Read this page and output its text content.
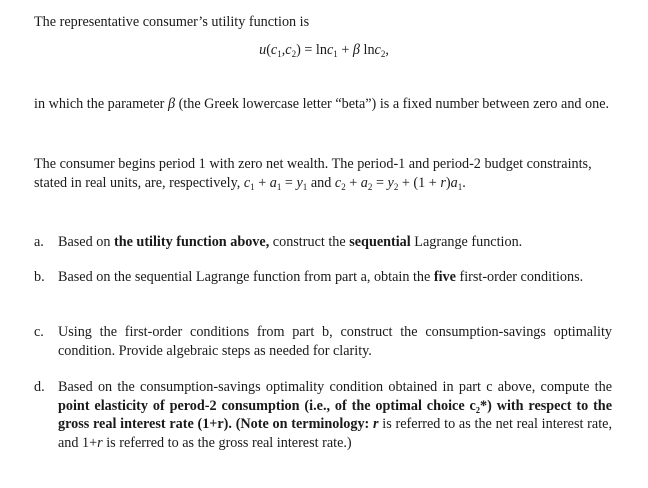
The representative consumer’s utility function is
$u(c_1,c_2) = \ln c_1 + \beta$ lnc$_2$,
in which the parameter β (the Greek lowercase letter “beta”) is a fixed number between zero and one.
The consumer begins period 1 with zero net wealth. The period-1 and period-2 budget constraints, stated in real units, are, respectively, $c_1 + a_1 = y_1$ and $c_2 + a_2 = y_2 + (1 + r)a_1$.
a. Based on the utility function above, construct the sequential Lagrange function.
b. Based on the sequential Lagrange function from part a, obtain the five first-order conditions.
c. Using the first-order conditions from part b, construct the consumption-savings optimality condition. Provide algebraic steps as needed for clarity.
d. Based on the consumption-savings optimality condition obtained in part c above, compute the point elasticity of perod-2 consumption (i.e., of the optimal choice c₂*) with respect to the gross real interest rate (1+r). (Note on terminology: r is referred to as the net real interest rate, and 1+r is referred to as the gross real interest rate.)
